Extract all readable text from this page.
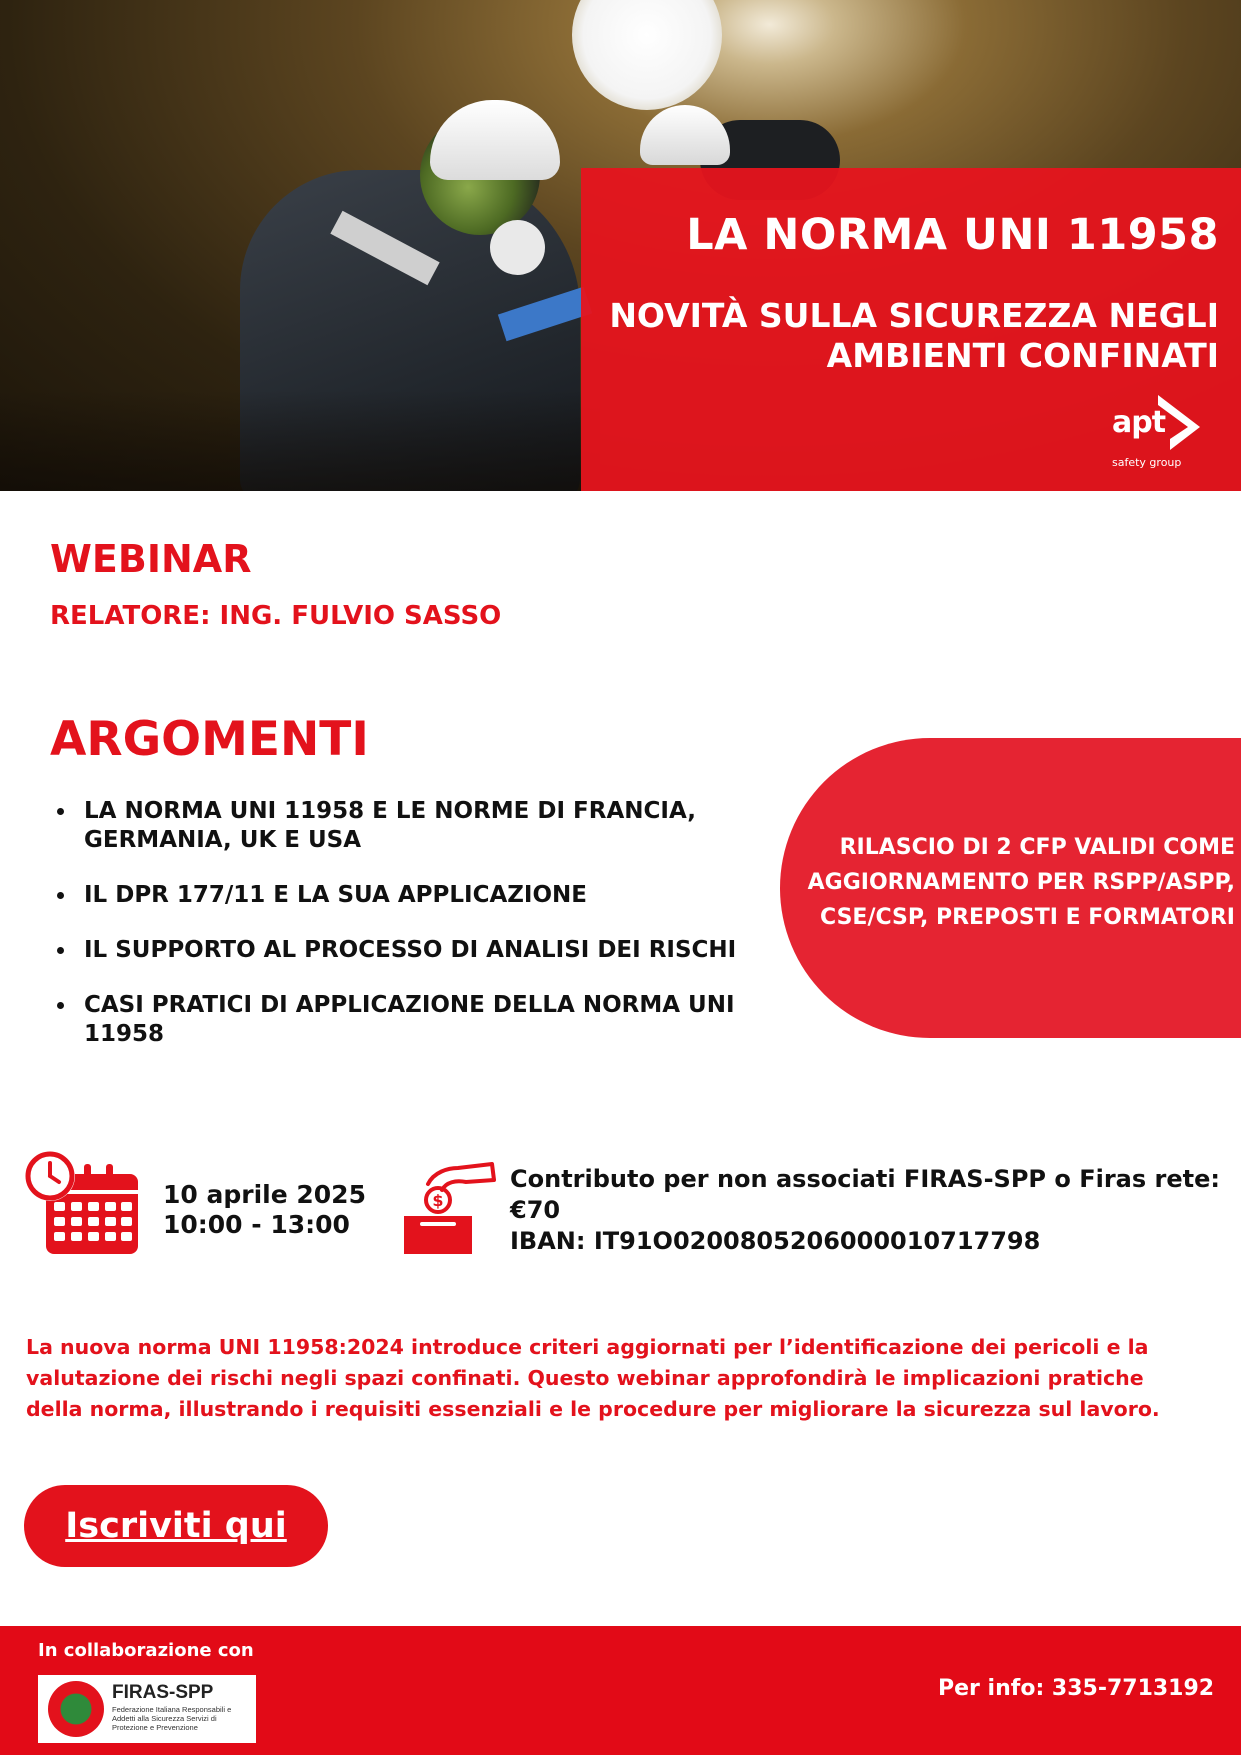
LA NORMA UNI 11958
NOVITÀ SULLA SICUREZZA NEGLI
AMBIENTI CONFINATI
apt
safety group
WEBINAR
RELATORE: ING. FULVIO SASSO
ARGOMENTI
LA NORMA UNI 11958 E LE NORME DI FRANCIA, GERMANIA, UK E USA
IL DPR 177/11 E LA SUA APPLICAZIONE
IL SUPPORTO AL PROCESSO DI ANALISI DEI RISCHI
CASI PRATICI DI APPLICAZIONE DELLA NORMA UNI 11958
RILASCIO DI 2 CFP VALIDI COME
AGGIORNAMENTO PER RSPP/ASPP,
CSE/CSP, PREPOSTI E FORMATORI
10 aprile 2025
10:00 - 13:00
$
Contributo per non associati FIRAS-SPP o Firas rete:
€70
IBAN: IT91O0200805206000010717798
La nuova norma UNI 11958:2024 introduce criteri aggiornati per l’identificazione dei pericoli e la valutazione dei rischi negli spazi confinati. Questo webinar approfondirà le implicazioni pratiche della norma, illustrando i requisiti essenziali e le procedure per migliorare la sicurezza sul lavoro.
Iscriviti qui
In collaborazione con
FIRAS-SPP
Federazione Italiana Responsabili e Addetti alla Sicurezza Servizi di Protezione e Prevenzione
Per info: 335-7713192
